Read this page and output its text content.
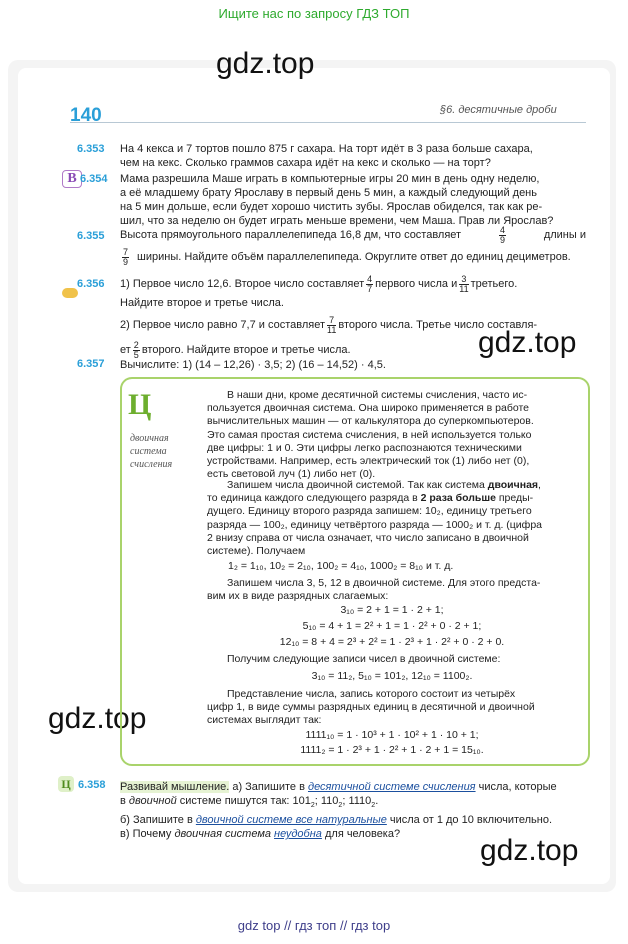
Ищите нас по запросу ГДЗ ТОП
gdz.top
gdz.top
gdz.top
gdz.top
140	§6. десятичные дроби
6.353 На 4 кекса и 7 тортов пошло 875 г сахара. На торт идёт в 3 раза больше сахара,
чем на кекс. Сколько граммов сахара идёт на кекс и сколько — на торт?
B 6.354 Мама разрешила Маше играть в компьютерные игры 20 мин в день одну неделю,
а её младшему брату Ярославу в первый день 5 мин, а каждый следующий день
на 5 мин дольше, если будет хорошо чистить зубы. Ярослав обиделся, так как ре-
шил, что за неделю он будет играть меньше времени, чем Маша. Прав ли Ярослав?
6.355 Высота прямоугольного параллелепипеда 16,8 дм, что составляет	$\frac{4}{9}$	длины и
$\frac{7}{9}$ ширины. Найдите объём параллелепипеда. Округлите ответ до единиц дециметров.
6.356 1) Первое число 12,6. Второе число составляет $\frac{4}{7}$ первого числа и $\frac{3}{11}$ третьего.
Найдите второе и третье числа.
2) Первое число равно 7,7 и составляет $\frac{7}{11}$ второго числа. Третье число составля-
ет $\frac{2}{5}$ второго. Найдите второе и третье числа.
6.357 Вычислите: 1) (14 – 12,26) · 3,5; 2) (16 – 14,52) · 4,5.
Ц
двоичная
система
счисления
В наши дни, кроме десятичной системы счисления, часто ис-
пользуется двоичная система. Она широко применяется в работе
вычислительных машин — от калькулятора до суперкомпьютеров.
Это самая простая система счисления, в ней используется только
две цифры: 1 и 0. Эти цифры легко распознаются техническими
устройствами. Например, есть электрический ток (1) либо нет (0),
есть световой луч (1) либо нет (0).
Запишем числа двоичной системой. Так как система двоичная,
то единица каждого следующего разряда в 2 раза больше преды-
дущего. Единицу второго разряда запишем: 10₂, единицу третьего
разряда — 100₂, единицу четвёртого разряда — 1000₂ и т. д. (цифра
2 внизу справа от числа означает, что число записано в двоичной
системе). Получаем
1₂ = 1₁₀, 10₂ = 2₁₀, 100₂ = 4₁₀, 1000₂ = 8₁₀ и т. д.
Запишем числа 3, 5, 12 в двоичной системе. Для этого предста-
вим их в виде разрядных слагаемых:
3₁₀ = 2 + 1 = 1 · 2 + 1;
5₁₀ = 4 + 1 = 2² + 1 = 1 · 2² + 0 · 2 + 1;
12₁₀ = 8 + 4 = 2³ + 2² = 1 · 2³ + 1 · 2² + 0 · 2 + 0.
Получим следующие записи чисел в двоичной системе:
3₁₀ = 11₂, 5₁₀ = 101₂, 12₁₀ = 1100₂.
Представление числа, запись которого состоит из четырёх
цифр 1, в виде суммы разрядных единиц в десятичной и двоичной
системах выглядит так:
1111₁₀ = 1 · 10³ + 1 · 10² + 1 · 10 + 1;
1111₂ = 1 · 2³ + 1 · 2² + 1 · 2 + 1 = 15₁₀.
Ц 6.358 Развивай мышление. а) Запишите в десятичной системе счисления числа, которые
в двоичной системе пишутся так: $101_2$; $110_2$; $1110_2$.
б) Запишите в двоичной системе все натуральные числа от 1 до 10 включительно.
в) Почему двоичная система неудобна для человека?
gdz top // гдз топ // гдз top
